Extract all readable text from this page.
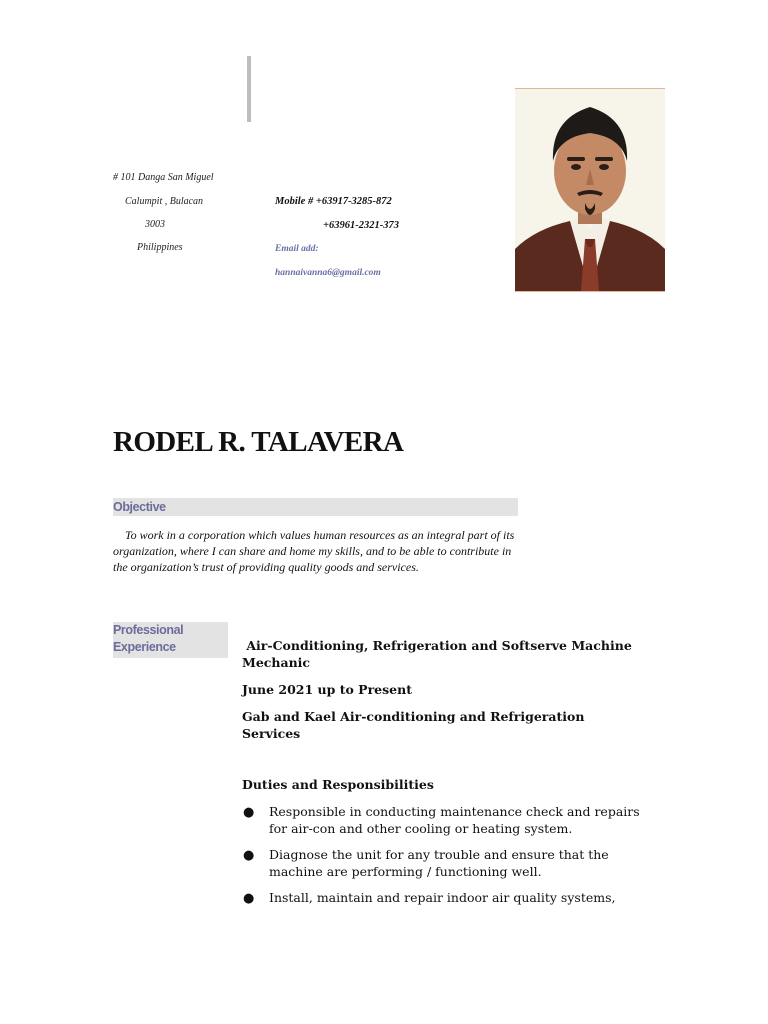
# 101 Danga San Miguel
Calumpit , Bulacan
3003
Philippines
Mobile # +63917-3285-872
+63961-2321-373
Email add:
hannaivanna6@gmail.com
RODEL R. TALAVERA
Objective
To work in a corporation which values human resources as an integral part of its organization, where I can share and home my skills, and to be able to contribute in the organization’s trust of providing quality goods and services.
Professional
Experience	Air-Conditioning, Refrigeration and Softserve Machine Mechanic
June 2021 up to Present
Gab and Kael Air-conditioning and Refrigeration Services
Duties and Responsibilities
● Responsible in conducting maintenance check and repairs for air-con and other cooling or heating system.
● Diagnose the unit for any trouble and ensure that the machine are performing / functioning well.
● Install, maintain and repair indoor air quality systems,
